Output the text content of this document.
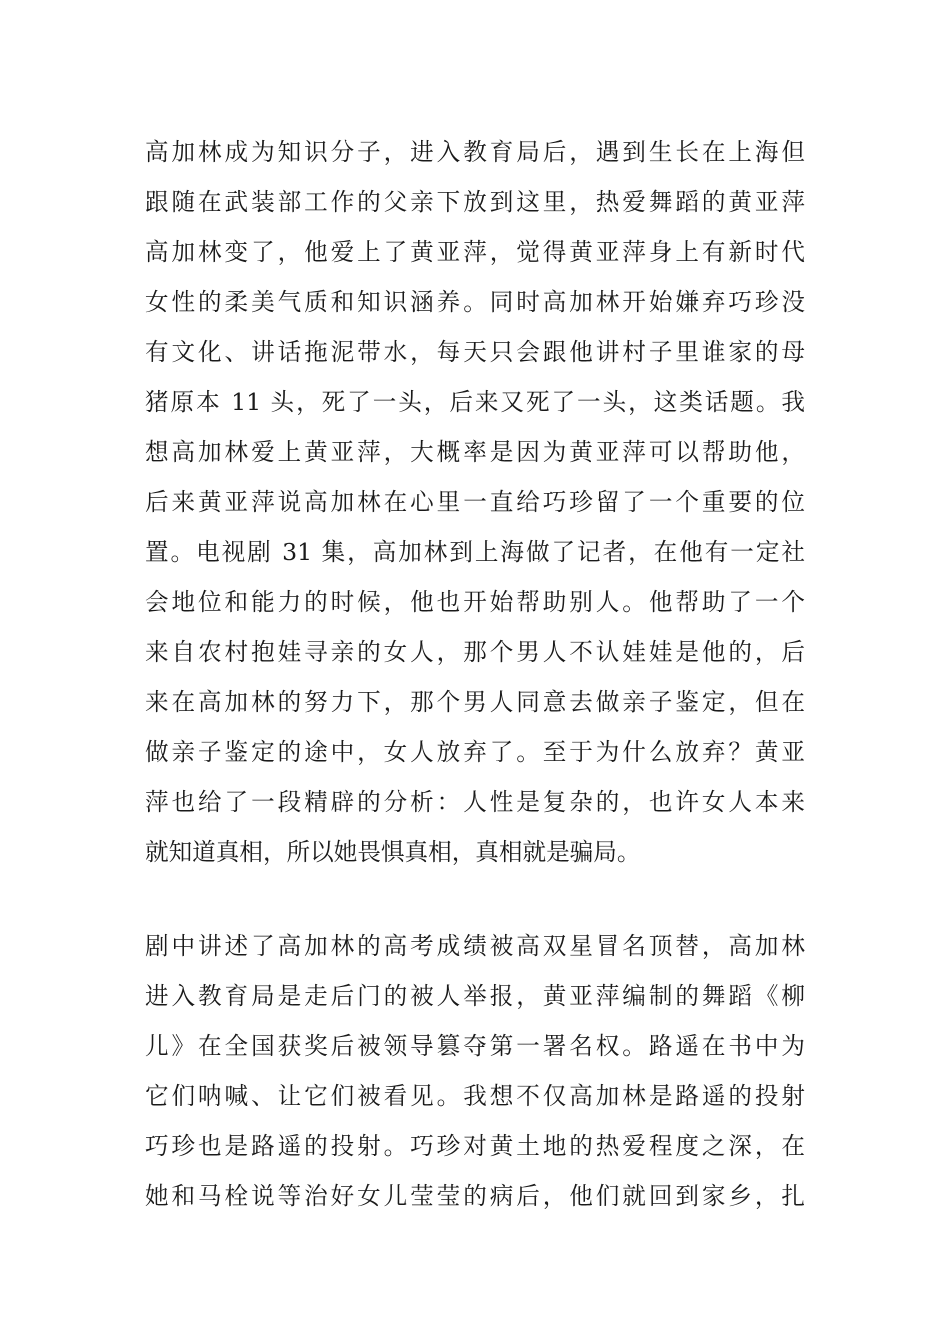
高加林成为知识分子，进入教育局后，遇到生长在上海但
跟随在武装部工作的父亲下放到这里，热爱舞蹈的黄亚萍
高加林变了，他爱上了黄亚萍，觉得黄亚萍身上有新时代
女性的柔美气质和知识涵养。同时高加林开始嫌弃巧珍没
有文化、讲话拖泥带水，每天只会跟他讲村子里谁家的母
猪原本 11 头，死了一头，后来又死了一头，这类话题。我
想高加林爱上黄亚萍，大概率是因为黄亚萍可以帮助他，
后来黄亚萍说高加林在心里一直给巧珍留了一个重要的位
置。电视剧 31 集，高加林到上海做了记者，在他有一定社
会地位和能力的时候，他也开始帮助别人。他帮助了一个
来自农村抱娃寻亲的女人，那个男人不认娃娃是他的，后
来在高加林的努力下，那个男人同意去做亲子鉴定，但在
做亲子鉴定的途中，女人放弃了。至于为什么放弃？黄亚
萍也给了一段精辟的分析：人性是复杂的，也许女人本来
就知道真相，所以她畏惧真相，真相就是骗局。
剧中讲述了高加林的高考成绩被高双星冒名顶替，高加林
进入教育局是走后门的被人举报，黄亚萍编制的舞蹈《柳
儿》在全国获奖后被领导篡夺第一署名权。路遥在书中为
它们呐喊、让它们被看见。我想不仅高加林是路遥的投射
巧珍也是路遥的投射。巧珍对黄土地的热爱程度之深，在
她和马栓说等治好女儿莹莹的病后，他们就回到家乡，扎
